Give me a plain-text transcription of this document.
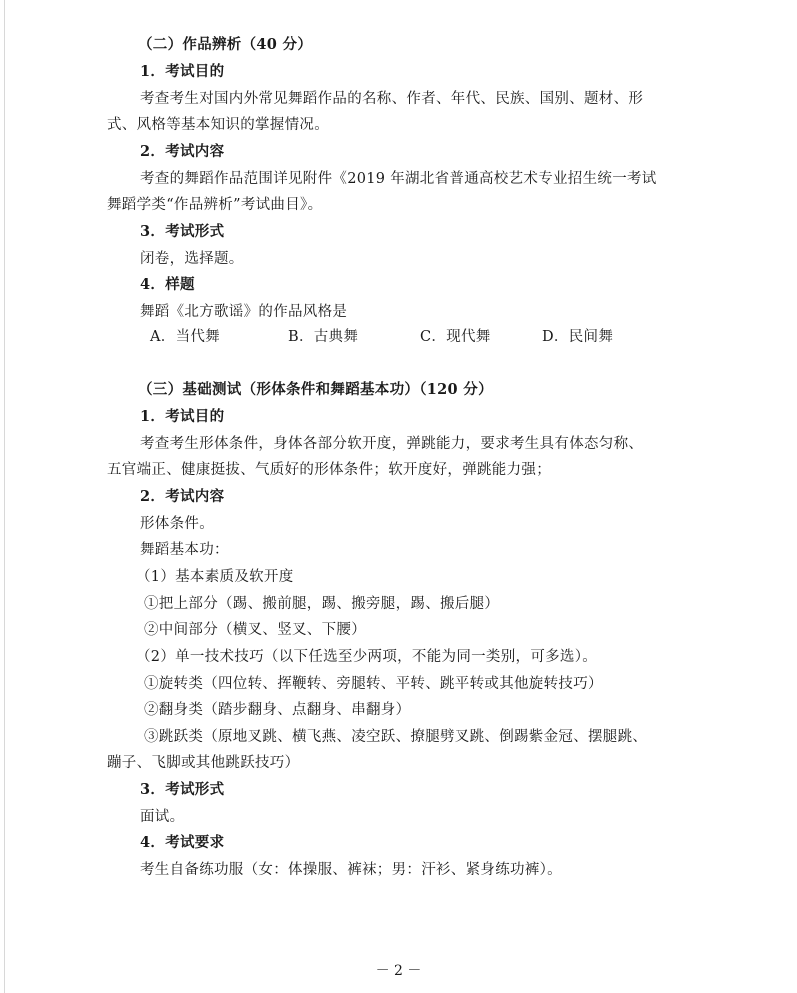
（二）作品辨析（40 分）
1．考试目的
考查考生对国内外常见舞蹈作品的名称、作者、年代、民族、国别、题材、形
式、风格等基本知识的掌握情况。
2．考试内容
考查的舞蹈作品范围详见附件《2019 年湖北省普通高校艺术专业招生统一考试
舞蹈学类“作品辨析”考试曲目》。
3．考试形式
闭卷，选择题。
4．样题
舞蹈《北方歌谣》的作品风格是
A．当代舞	B．古典舞	C．现代舞	D．民间舞
（三）基础测试（形体条件和舞蹈基本功）（120 分）
1．考试目的
考查考生形体条件，身体各部分软开度，弹跳能力，要求考生具有体态匀称、
五官端正、健康挺拔、气质好的形体条件；软开度好，弹跳能力强；
2．考试内容
形体条件。
舞蹈基本功：
（1）基本素质及软开度
①把上部分（踢、搬前腿，踢、搬旁腿，踢、搬后腿）
②中间部分（横叉、竖叉、下腰）
（2）单一技术技巧（以下任选至少两项，不能为同一类别，可多选）。
①旋转类（四位转、挥鞭转、旁腿转、平转、跳平转或其他旋转技巧）
②翻身类（踏步翻身、点翻身、串翻身）
③跳跃类（原地叉跳、横飞燕、凌空跃、撩腿劈叉跳、倒踢紫金冠、摆腿跳、
蹦子、飞脚或其他跳跃技巧）
3．考试形式
面试。
4．考试要求
考生自备练功服（女：体操服、裤袜；男：汗衫、紧身练功裤）。
－ 2 －
